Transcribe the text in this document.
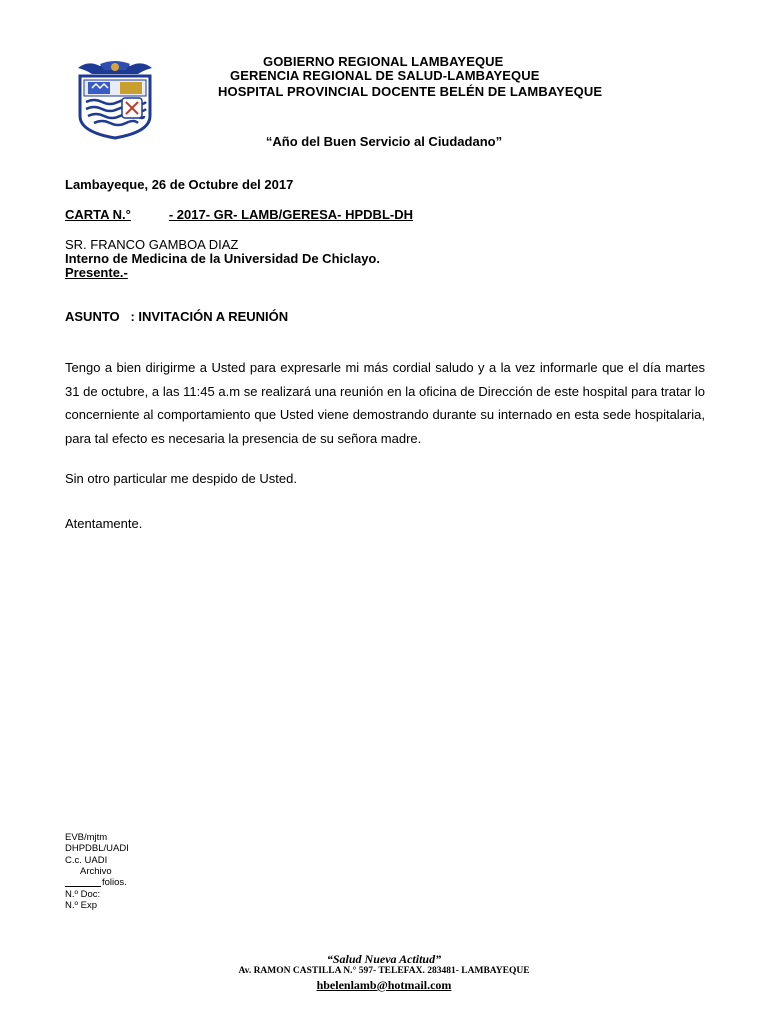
GOBIERNO REGIONAL LAMBAYEQUE
GERENCIA REGIONAL DE SALUD-LAMBAYEQUE
HOSPITAL PROVINCIAL DOCENTE BELÉN DE LAMBAYEQUE
“Año del Buen Servicio al Ciudadano”
Lambayeque, 26 de Octubre del 2017
CARTA N.°	- 2017- GR- LAMB/GERESA- HPDBL-DH
SR. FRANCO GAMBOA DIAZ
Interno de Medicina de la Universidad De Chiclayo.
Presente.-
ASUNTO   : INVITACIÓN A REUNIÓN
Tengo a bien dirigirme a Usted para expresarle mi más cordial saludo y a la vez informarle que el día martes 31 de octubre, a las 11:45 a.m se realizará una reunión en la oficina de Dirección de este hospital para tratar lo concerniente al comportamiento que Usted viene demostrando durante su internado en esta sede hospitalaria, para tal efecto es necesaria la presencia de su señora madre.
Sin otro particular me despido de Usted.
Atentamente.
EVB/mjtm
DHPDBL/UADI
C.c. UADI
Archivo
folios.
N.º Doc:
N.º Exp
“Salud Nueva Actitud”
Av. RAMON CASTILLA N.° 597- TELEFAX. 283481- LAMBAYEQUE
hbelenlamb@hotmail.com
